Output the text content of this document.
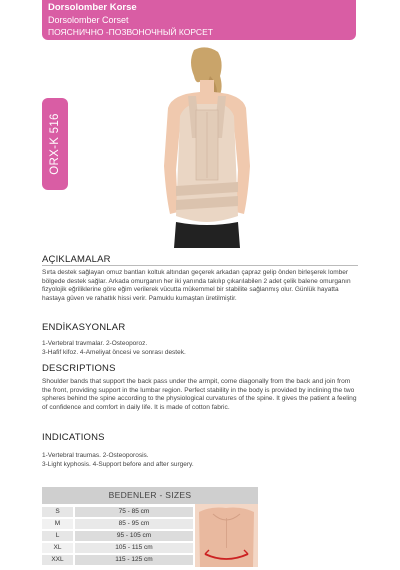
Dorsolomber Korse
Dorsolomber Corset
ПОЯСНИЧНО -ПОЗВОНОЧНЫЙ КОРСЕТ
ORX-K 516
AÇIKLAMALAR
Sırta destek sağlayan omuz bantları koltuk altından geçerek arkadan çapraz gelip önden birleşerek lomber bölgede destek sağlar. Arkada omurganın her iki yanında takılıp çıkarılabilen 2 adet çelik balene omurganın fizyolojik eğriliklerine göre eğim verilerek vücutta mükemmel bir stabilite sağlanmış olur. Günlük hayatta hastaya güven ve rahatlık hissi verir. Pamuklu kumaştan üretilmiştir.
ENDİKASYONLAR
1-Vertebral travmalar. 2-Osteoporoz.
3-Hafif kifoz. 4-Ameliyat öncesi ve sonrası destek.
DESCRIPTIONS
Shoulder bands that support the back pass under the armpit, come diagonally from the back and join from the front, providing support in the lumbar region. Perfect stability in the body is provided by inclining the two spheres behind the spine according to the physiological curvatures of the spine. It gives the patient a feeling of confidence and comfort in daily life. It is made of cotton fabric.
INDICATIONS
1-Vertebral traumas. 2-Osteoporosis.
3-Light kyphosis. 4-Support before and after surgery.
BEDENLER - SIZES
S	75 - 85 cm
M	85 - 95 cm
L	95 - 105 cm
XL	105 - 115 cm
XXL	115 - 125 cm
